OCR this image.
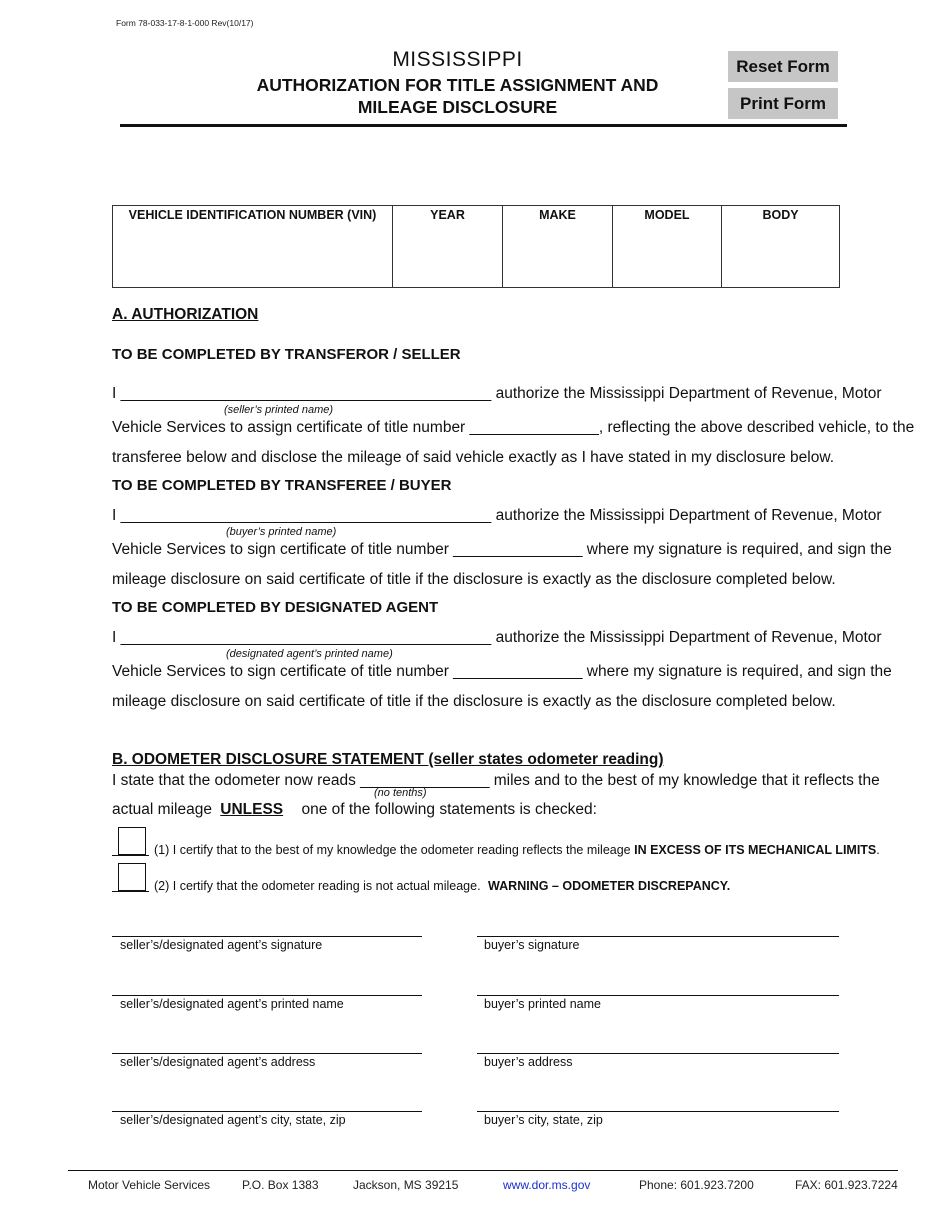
Form 78-033-17-8-1-000 Rev(10/17)
MISSISSIPPI
AUTHORIZATION FOR TITLE ASSIGNMENT AND
MILEAGE DISCLOSURE
Reset Form
Print Form
VEHICLE IDENTIFICATION NUMBER (VIN)	YEAR	MAKE	MODEL	BODY
A. AUTHORIZATION
TO BE COMPLETED BY TRANSFEROR / SELLER
I ___________________________________________ authorize the Mississippi Department of Revenue, Motor
(seller’s printed name)
Vehicle Services to assign certificate of title number _______________, reflecting the above described vehicle, to the
transferee below and disclose the mileage of said vehicle exactly as I have stated in my disclosure below.
TO BE COMPLETED BY TRANSFEREE / BUYER
I ___________________________________________ authorize the Mississippi Department of Revenue, Motor
(buyer’s printed name)
Vehicle Services to sign certificate of title number _______________ where my signature is required, and sign the
mileage disclosure on said certificate of title if the disclosure is exactly as the disclosure completed below.
TO BE COMPLETED BY DESIGNATED AGENT
I ___________________________________________ authorize the Mississippi Department of Revenue, Motor
(designated agent’s printed name)
Vehicle Services to sign certificate of title number _______________ where my signature is required, and sign the
mileage disclosure on said certificate of title if the disclosure is exactly as the disclosure completed below.
B. ODOMETER DISCLOSURE STATEMENT (seller states odometer reading)
I state that the odometer now reads _______________ miles and to the best of my knowledge that it reflects the
(no tenths)
actual mileage UNLESS one of the following statements is checked:
(1) I certify that to the best of my knowledge the odometer reading reflects the mileage IN EXCESS OF ITS MECHANICAL LIMITS.
(2) I certify that the odometer reading is not actual mileage. WARNING – ODOMETER DISCREPANCY.
seller’s/designated agent’s signature	buyer’s signature
seller’s/designated agent’s printed name	buyer’s printed name
seller’s/designated agent’s address	buyer’s address
seller’s/designated agent’s city, state, zip	buyer’s city, state, zip
Motor Vehicle Services	P.O. Box 1383	Jackson, MS 39215	www.dor.ms.gov	Phone: 601.923.7200	FAX: 601.923.7224
